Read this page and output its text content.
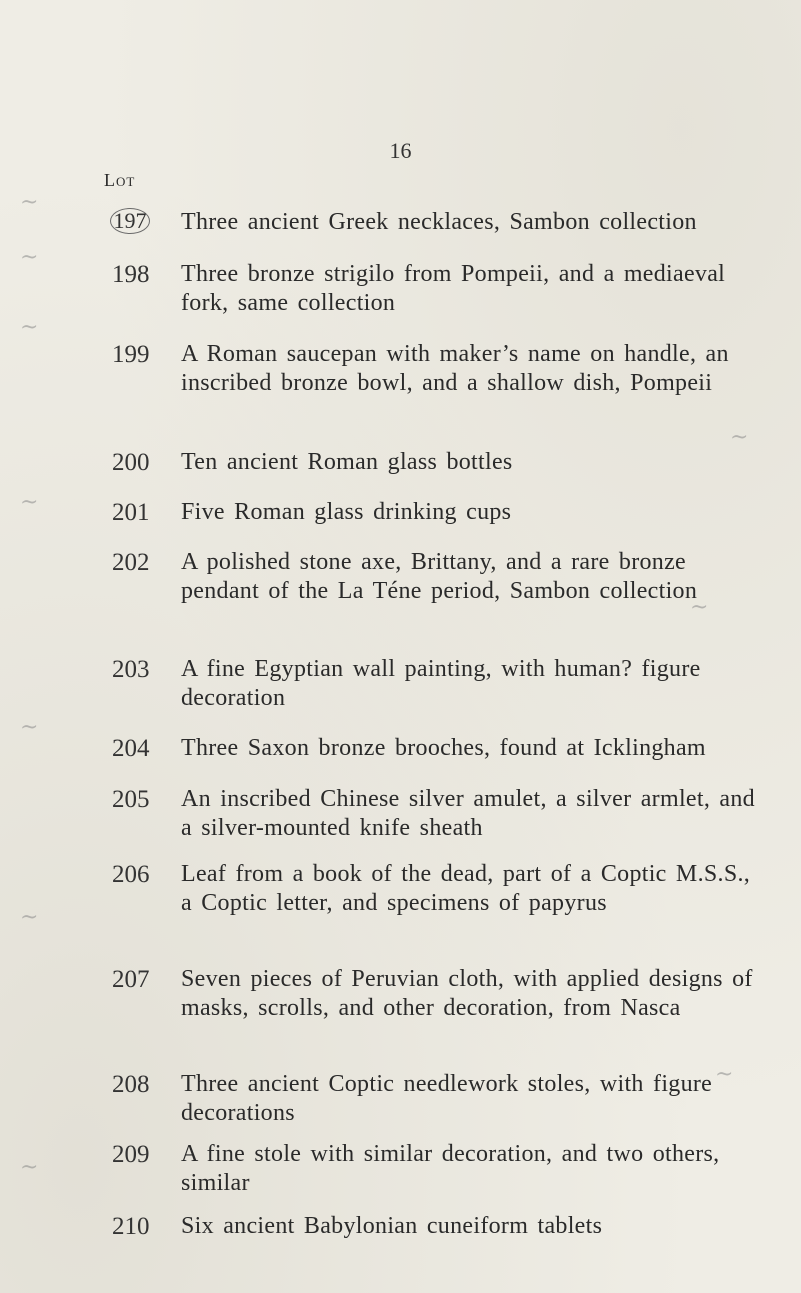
16
Lot
~
~
~
~
~
~
~
~
~
~
197 Three ancient Greek necklaces, Sambon collection
198	Three bronze strigilo from Pompeii, and a mediaeval fork, same collection
199	A Roman saucepan with maker’s name on handle, an inscribed bronze bowl, and a shallow dish, Pompeii
200	Ten ancient Roman glass bottles
201	Five Roman glass drinking cups
202	A polished stone axe, Brittany, and a rare bronze pendant of the La Téne period, Sambon collection
203	A fine Egyptian wall painting, with human? figure decoration
204	Three Saxon bronze brooches, found at Icklingham
205	An inscribed Chinese silver amulet, a silver armlet, and a silver-mounted knife sheath
206	Leaf from a book of the dead, part of a Coptic M.S.S., a Coptic letter, and specimens of papyrus
207	Seven pieces of Peruvian cloth, with applied designs of masks, scrolls, and other decoration, from Nasca
208	Three ancient Coptic needlework stoles, with figure decorations
209	A fine stole with similar decoration, and two others, similar
210	Six ancient Babylonian cuneiform tablets
